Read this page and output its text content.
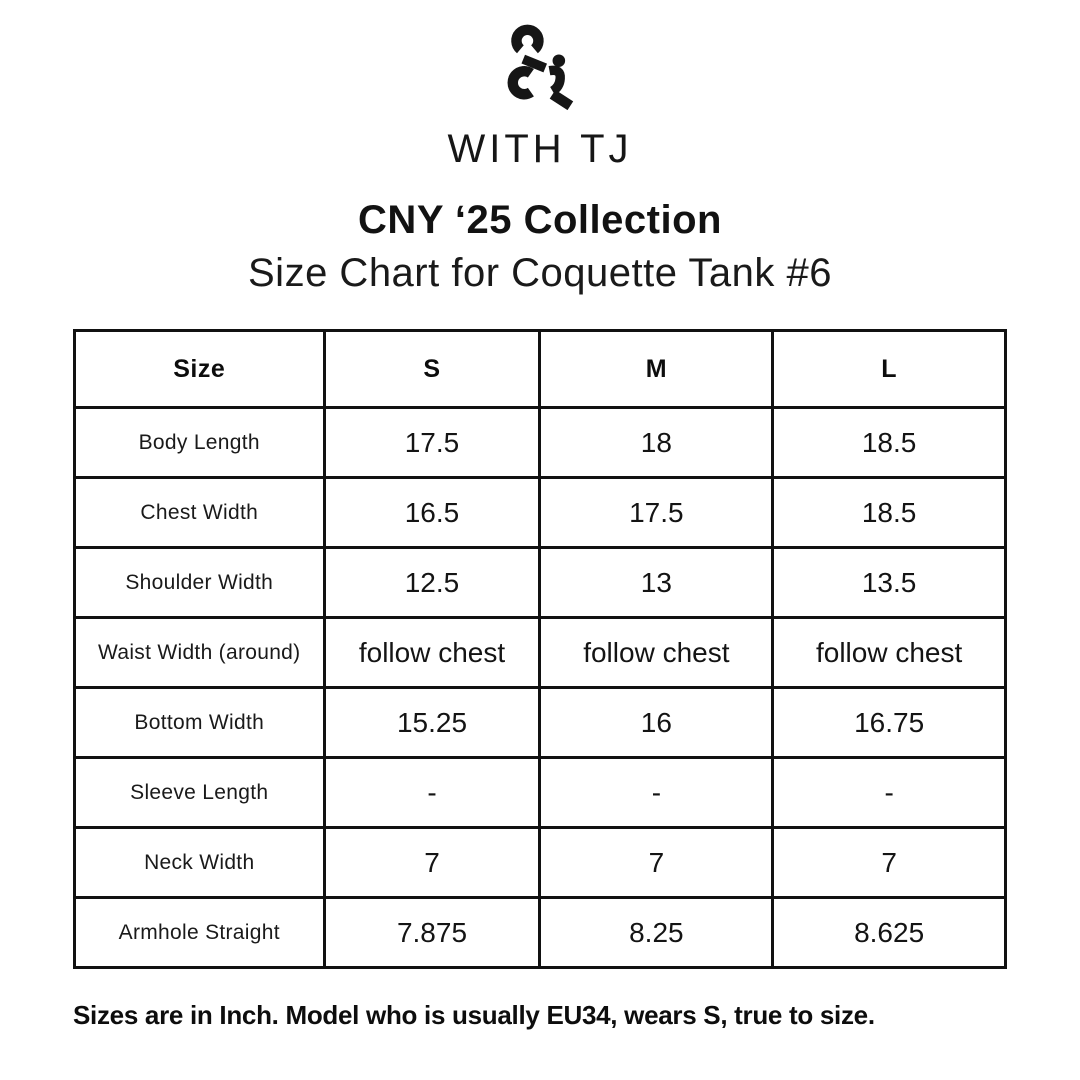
WITH TJ
CNY ‘25 Collection
Size Chart for Coquette Tank #6
Size	S	M	L
Body Length	17.5	18	18.5
Chest Width	16.5	17.5	18.5
Shoulder Width	12.5	13	13.5
Waist Width (around)	follow chest	follow chest	follow chest
Bottom Width	15.25	16	16.75
Sleeve Length	-	-	-
Neck Width	7	7	7
Armhole Straight	7.875	8.25	8.625
Sizes are in Inch. Model who is usually EU34, wears S, true to size.
